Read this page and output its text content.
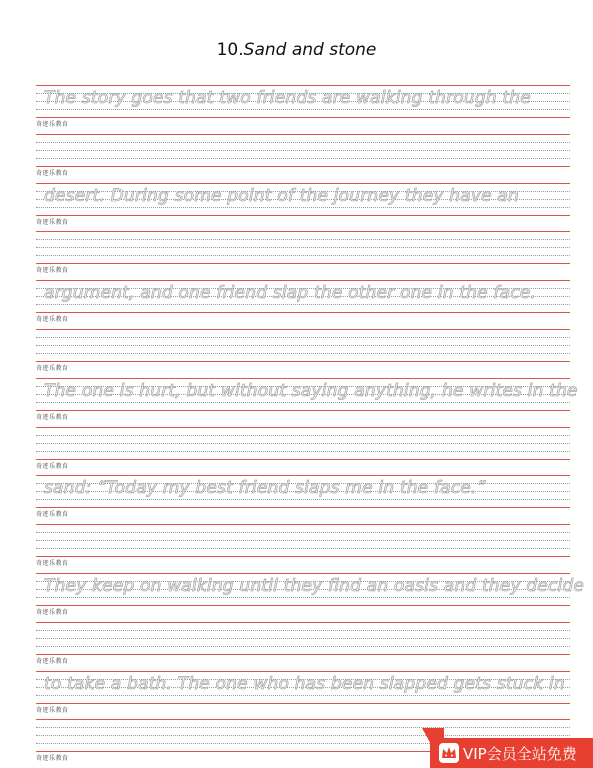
10.Sand and stone
The story goes that two friends are walking through the
奇迹乐教育
奇迹乐教育
desert. During some point of the journey they have an
奇迹乐教育
奇迹乐教育
argument, and one friend slap the other one in the face.
奇迹乐教育
奇迹乐教育
The one is hurt, but without saying anything, he writes in the
奇迹乐教育
奇迹乐教育
sand: “Today my best friend slaps me in the face.”
奇迹乐教育
奇迹乐教育
They keep on walking until they find an oasis and they decide
奇迹乐教育
奇迹乐教育
to take a bath. The one who has been slapped gets stuck in
奇迹乐教育
奇迹乐教育	VIP会员全站免费
